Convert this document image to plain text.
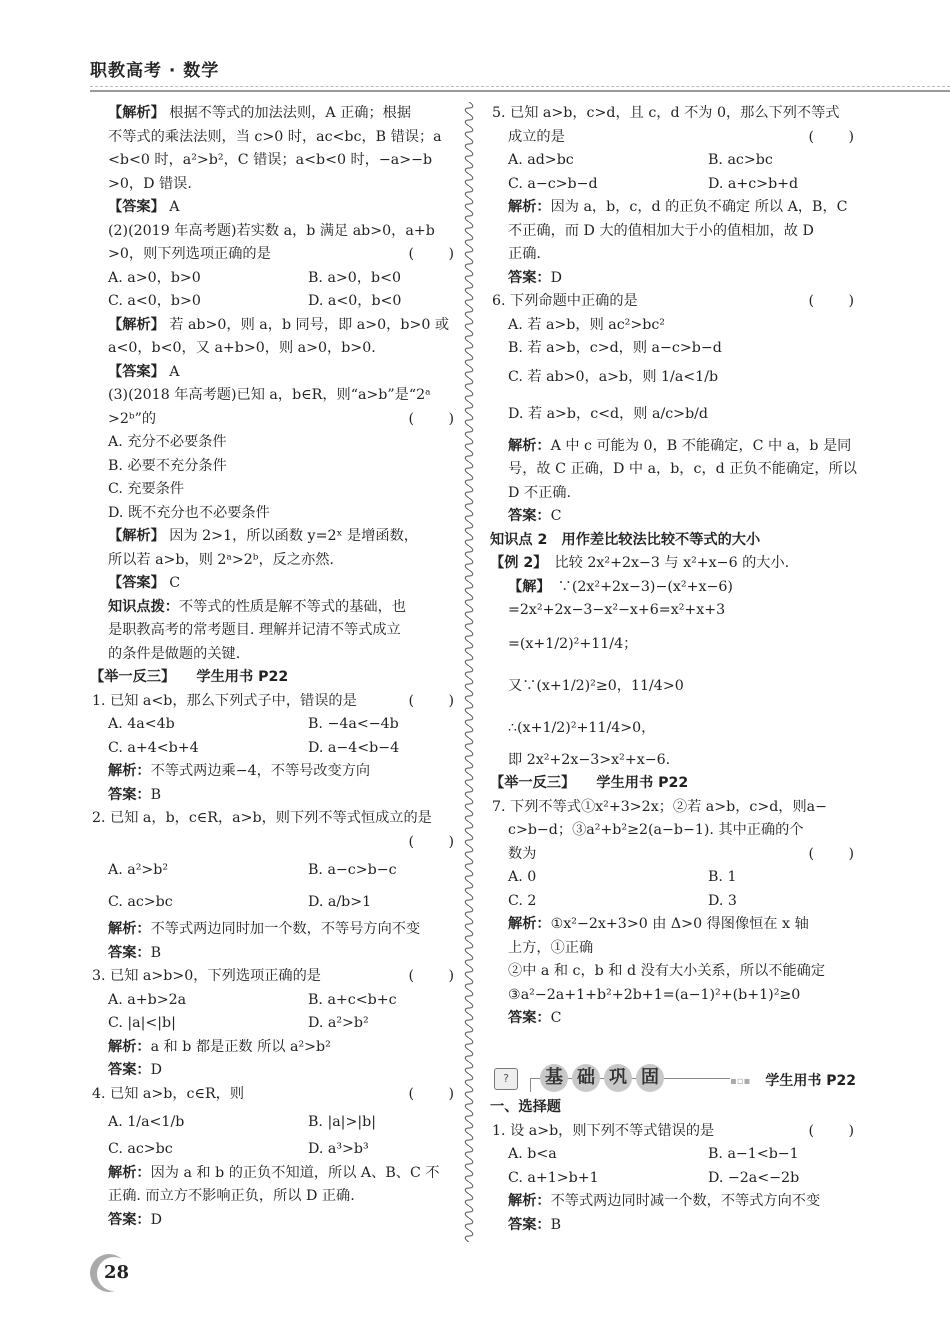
职教高考 · 数学
【解析】 根据不等式的加法法则，A 正确；根据
不等式的乘法法则，当 c>0 时，ac<bc，B 错误；a
<b<0 时，a²>b²，C 错误；a<b<0 时，−a>−b
>0，D 错误.
【答案】 A
(2)(2019 年高考题)若实数 a，b 满足 ab>0，a+b
>0，则下列选项正确的是	(　　)
A. a>0，b>0	B. a>0，b<0
C. a<0，b>0	D. a<0，b<0
【解析】 若 ab>0，则 a，b 同号，即 a>0，b>0 或
a<0，b<0，又 a+b>0，则 a>0，b>0.
【答案】 A
(3)(2018 年高考题)已知 a，b∈R，则“a>b”是“2ᵃ
>2ᵇ”的	(　　)
A. 充分不必要条件
B. 必要不充分条件
C. 充要条件
D. 既不充分也不必要条件
【解析】 因为 2>1，所以函数 y=2ˣ 是增函数，
所以若 a>b，则 2ᵃ>2ᵇ，反之亦然.
【答案】 C
知识点拨：不等式的性质是解不等式的基础，也
是职教高考的常考题目. 理解并记清不等式成立
的条件是做题的关键.
【举一反三】　　学生用书 P22
1. 已知 a<b，那么下列式子中，错误的是	(　　)
A. 4a<4b	B. −4a<−4b
C. a+4<b+4	D. a−4<b−4
解析：不等式两边乘−4，不等号改变方向
答案：B
2. 已知 a，b，c∈R，a>b，则下列不等式恒成立的是
(　　)
A. a²>b²	B. a−c>b−c
C. ac>bc	D. a/b>1
解析：不等式两边同时加一个数，不等号方向不变
答案：B
3. 已知 a>b>0，下列选项正确的是	(　　)
A. a+b>2a	B. a+c<b+c
C. |a|<|b|	D. a²>b²
解析：a 和 b 都是正数 所以 a²>b²
答案：D
4. 已知 a>b，c∈R，则	(　　)
A. 1/a<1/b	B. |a|>|b|
C. ac>bc	D. a³>b³
解析：因为 a 和 b 的正负不知道，所以 A、B、C 不
正确. 而立方不影响正负，所以 D 正确.
答案：D
5. 已知 a>b，c>d，且 c，d 不为 0，那么下列不等式
成立的是	(　　)
A. ad>bc	B. ac>bc
C. a−c>b−d	D. a+c>b+d
解析：因为 a，b，c，d 的正负不确定 所以 A，B，C
不正确，而 D 大的值相加大于小的值相加，故 D
正确.
答案：D
6. 下列命题中正确的是	(　　)
A. 若 a>b，则 ac²>bc²
B. 若 a>b，c>d，则 a−c>b−d
C. 若 ab>0，a>b，则 1/a<1/b
D. 若 a>b，c<d，则 a/c>b/d
解析：A 中 c 可能为 0，B 不能确定，C 中 a，b 是同
号，故 C 正确，D 中 a，b，c，d 正负不能确定，所以
D 不正确.
答案：C
知识点 2　用作差比较法比较不等式的大小
【例 2】　比较 2x²+2x−3 与 x²+x−6 的大小.
【解】　∵(2x²+2x−3)−(x²+x−6)
=2x²+2x−3−x²−x+6=x²+x+3
=(x+1/2)²+11/4；
又∵(x+1/2)²≥0，11/4>0
∴(x+1/2)²+11/4>0，
即 2x²+2x−3>x²+x−6.
【举一反三】　　学生用书 P22
7. 下列不等式①x²+3>2x；②若 a>b，c>d，则a−
c>b−d；③a²+b²≥2(a−b−1). 其中正确的个
数为	(　　)
A. 0	B. 1
C. 2	D. 3
解析：①x²−2x+3>0 由 Δ>0 得图像恒在 x 轴
上方，①正确
②中 a 和 c，b 和 d 没有大小关系，所以不能确定
③a²−2a+1+b²+2b+1=(a−1)²+(b+1)²≥0
答案：C
?	基 础 巩 固	▪▫▪ 学生用书 P22
一、选择题
1. 设 a>b，则下列不等式错误的是	(　　)
A. b<a	B. a−1<b−1
C. a+1>b+1	D. −2a<−2b
解析：不等式两边同时减一个数，不等式方向不变
答案：B
28
